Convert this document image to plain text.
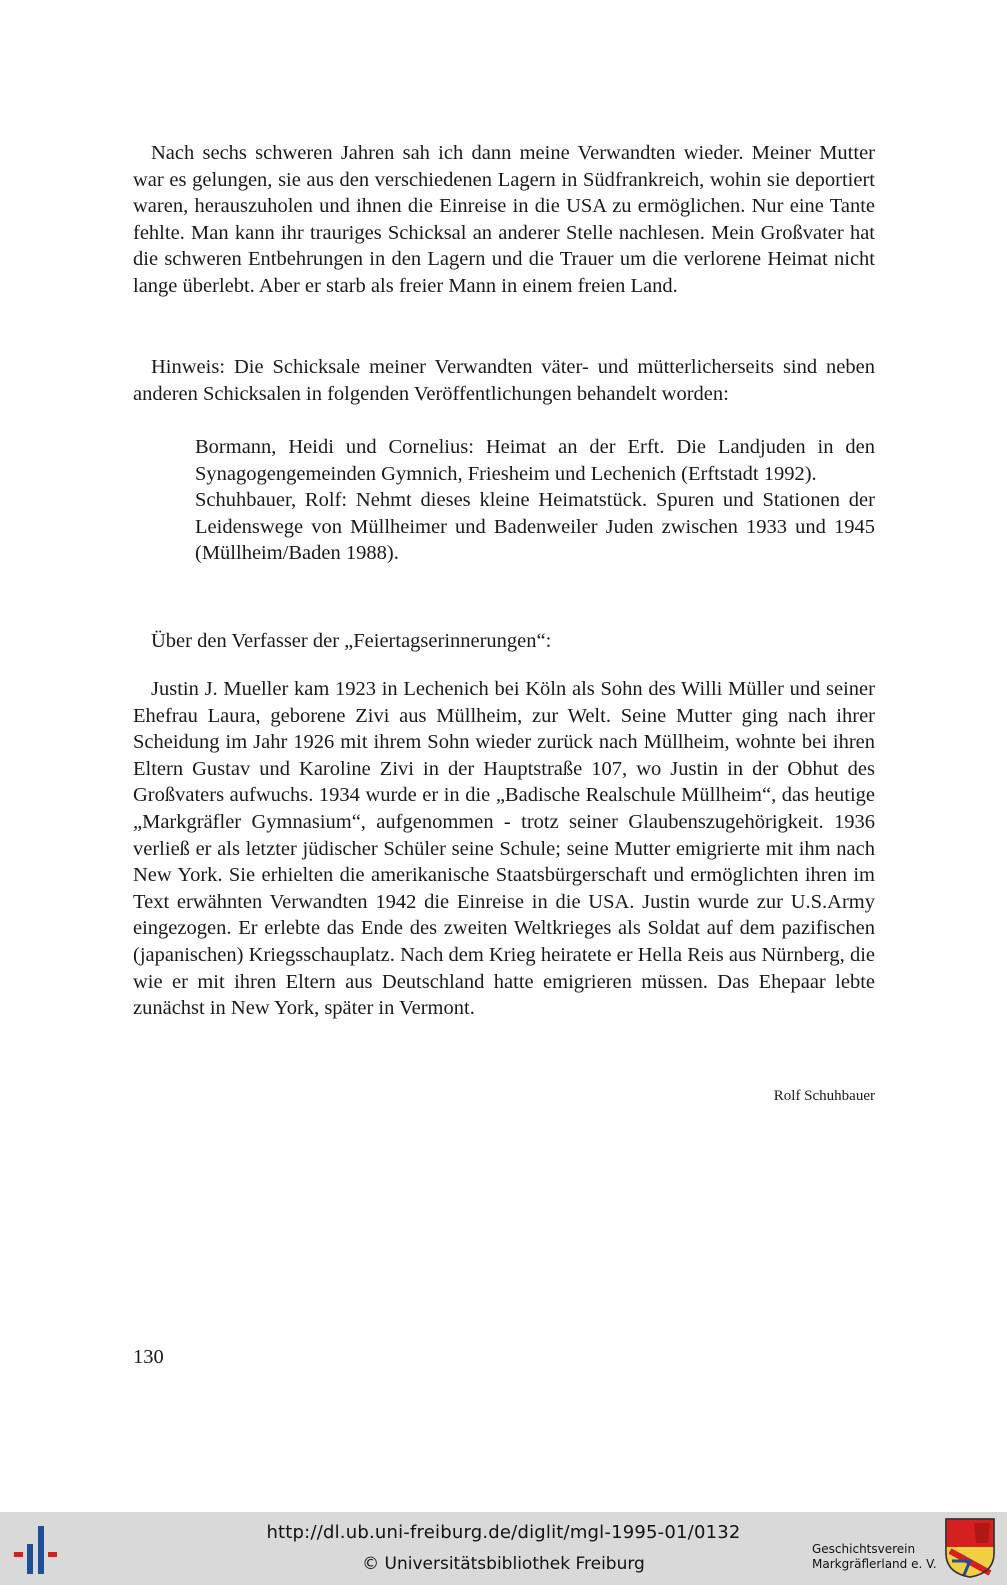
Nach sechs schweren Jahren sah ich dann meine Verwandten wieder. Meiner Mutter war es gelungen, sie aus den verschiedenen Lagern in Südfrankreich, wohin sie deportiert waren, herauszuholen und ihnen die Einreise in die USA zu ermöglichen. Nur eine Tante fehlte. Man kann ihr trauriges Schicksal an anderer Stelle nachlesen. Mein Großvater hat die schweren Entbehrungen in den Lagern und die Trauer um die verlorene Heimat nicht lange überlebt. Aber er starb als freier Mann in einem freien Land.

Hinweis: Die Schicksale meiner Verwandten väter- und mütterlicherseits sind neben anderen Schicksalen in folgenden Veröffentlichungen behandelt worden:

Bormann, Heidi und Cornelius: Heimat an der Erft. Die Landjuden in den Synagogengemeinden Gymnich, Friesheim und Lechenich (Erftstadt 1992).

Schuhbauer, Rolf: Nehmt dieses kleine Heimatstück. Spuren und Stationen der Leidenswege von Müllheimer und Badenweiler Juden zwischen 1933 und 1945 (Müllheim/Baden 1988).

Über den Verfasser der „Feiertagserinnerungen“:

Justin J. Mueller kam 1923 in Lechenich bei Köln als Sohn des Willi Müller und seiner Ehefrau Laura, geborene Zivi aus Müllheim, zur Welt. Seine Mutter ging nach ihrer Scheidung im Jahr 1926 mit ihrem Sohn wieder zurück nach Müllheim, wohnte bei ihren Eltern Gustav und Karoline Zivi in der Hauptstraße 107, wo Justin in der Obhut des Großvaters aufwuchs. 1934 wurde er in die „Badische Realschule Müllheim“, das heutige „Markgräfler Gymnasium“, aufgenommen - trotz seiner Glaubenszugehörigkeit. 1936 verließ er als letzter jüdischer Schüler seine Schule; seine Mutter emigrierte mit ihm nach New York. Sie erhielten die amerikanische Staatsbürgerschaft und ermöglichten ihren im Text erwähnten Verwandten 1942 die Einreise in die USA. Justin wurde zur U.S.Army eingezogen. Er erlebte das Ende des zweiten Weltkrieges als Soldat auf dem pazifischen (japanischen) Kriegsschauplatz. Nach dem Krieg heiratete er Hella Reis aus Nürnberg, die wie er mit ihren Eltern aus Deutschland hatte emigrieren müssen. Das Ehepaar lebte zunächst in New York, später in Vermont.

Rolf Schuhbauer

130

http://dl.ub.uni-freiburg.de/diglit/mgl-1995-01/0132
© Universitätsbibliothek Freiburg
Geschichtsverein
Markgräflerland e. V.
